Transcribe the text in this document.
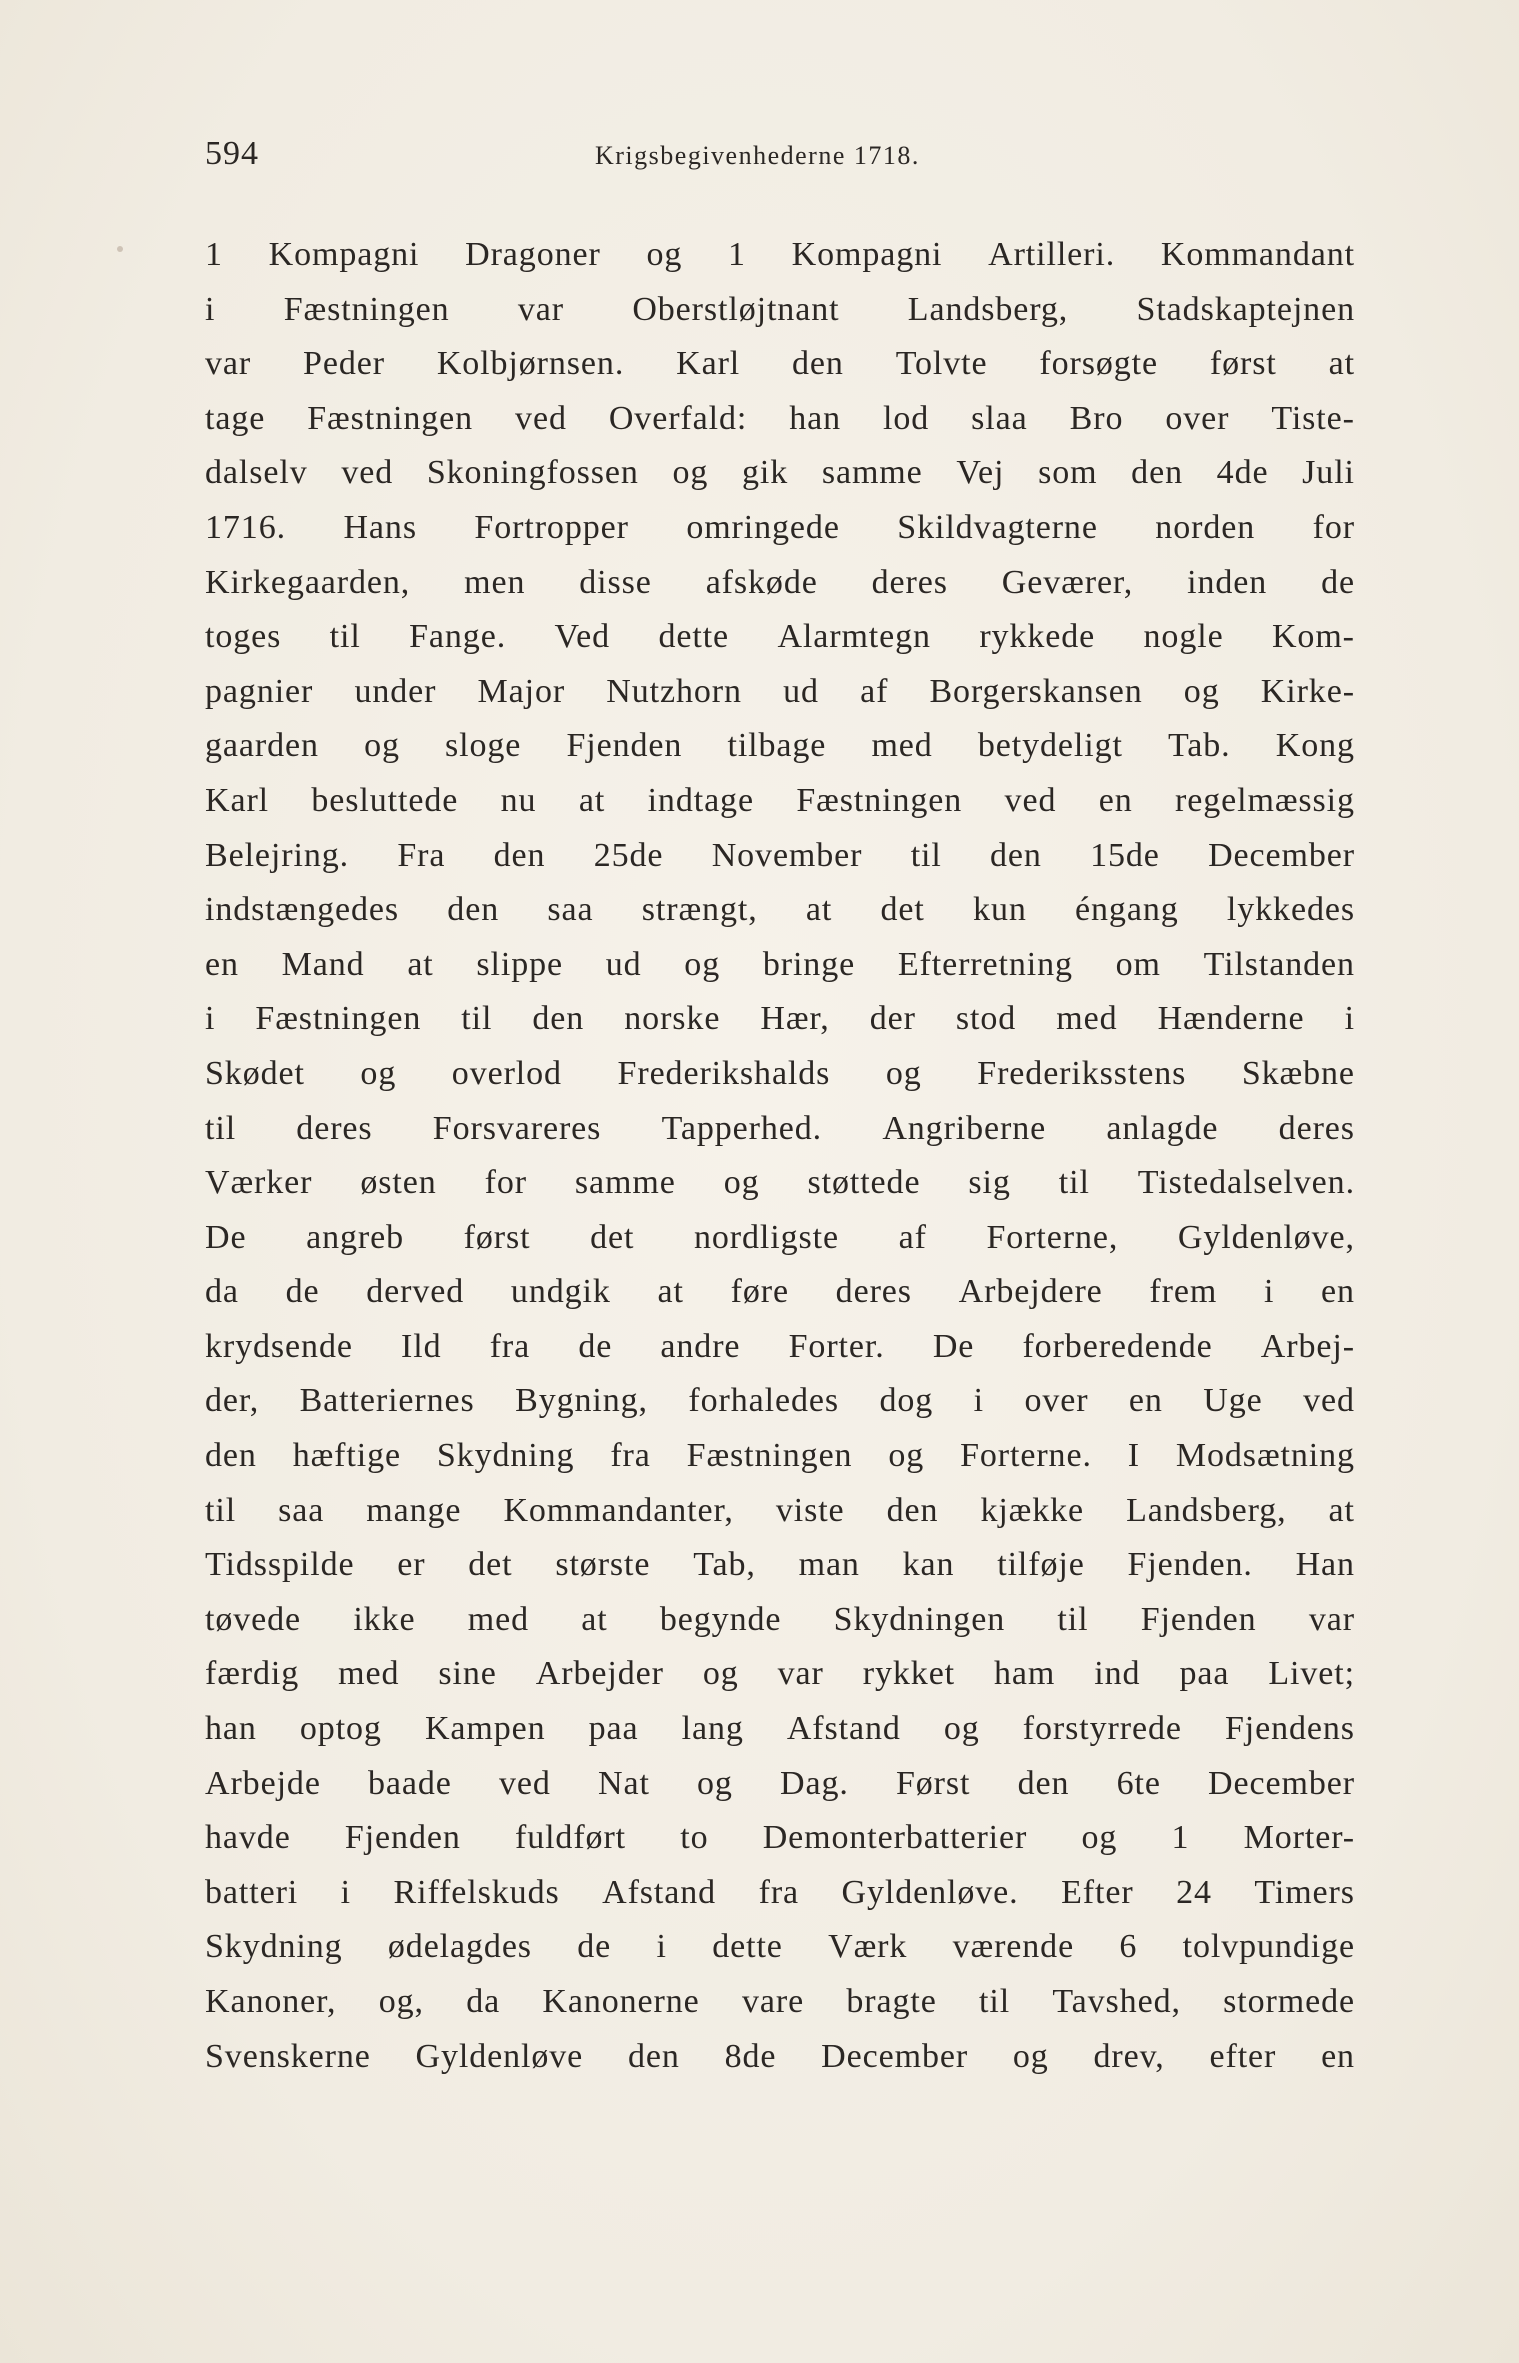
594	Krigsbegivenhederne 1718.
1 Kompagni Dragoner og 1 Kompagni Artilleri. Kommandant
i Fæstningen var Oberstløjtnant Landsberg, Stadskaptejnen
var Peder Kolbjørnsen. Karl den Tolvte forsøgte først at
tage Fæstningen ved Overfald: han lod slaa Bro over Tiste-
dalselv ved Skoningfossen og gik samme Vej som den 4de Juli
1716. Hans Fortropper omringede Skildvagterne norden for
Kirkegaarden, men disse afskøde deres Geværer, inden de
toges til Fange. Ved dette Alarmtegn rykkede nogle Kom-
pagnier under Major Nutzhorn ud af Borgerskansen og Kirke-
gaarden og sloge Fjenden tilbage med betydeligt Tab. Kong
Karl besluttede nu at indtage Fæstningen ved en regelmæssig
Belejring. Fra den 25de November til den 15de December
indstængedes den saa strængt, at det kun éngang lykkedes
en Mand at slippe ud og bringe Efterretning om Tilstanden
i Fæstningen til den norske Hær, der stod med Hænderne i
Skødet og overlod Frederikshalds og Frederiksstens Skæbne
til deres Forsvareres Tapperhed. Angriberne anlagde deres
Værker østen for samme og støttede sig til Tistedalselven.
De angreb først det nordligste af Forterne, Gyldenløve,
da de derved undgik at føre deres Arbejdere frem i en
krydsende Ild fra de andre Forter. De forberedende Arbej-
der, Batteriernes Bygning, forhaledes dog i over en Uge ved
den hæftige Skydning fra Fæstningen og Forterne. I Modsætning
til saa mange Kommandanter, viste den kjække Landsberg, at
Tidsspilde er det største Tab, man kan tilføje Fjenden. Han
tøvede ikke med at begynde Skydningen til Fjenden var
færdig med sine Arbejder og var rykket ham ind paa Livet;
han optog Kampen paa lang Afstand og forstyrrede Fjendens
Arbejde baade ved Nat og Dag. Først den 6te December
havde Fjenden fuldført to Demonterbatterier og 1 Morter-
batteri i Riffelskuds Afstand fra Gyldenløve. Efter 24 Timers
Skydning ødelagdes de i dette Værk værende 6 tolvpundige
Kanoner, og, da Kanonerne vare bragte til Tavshed, stormede
Svenskerne Gyldenløve den 8de December og drev, efter en
